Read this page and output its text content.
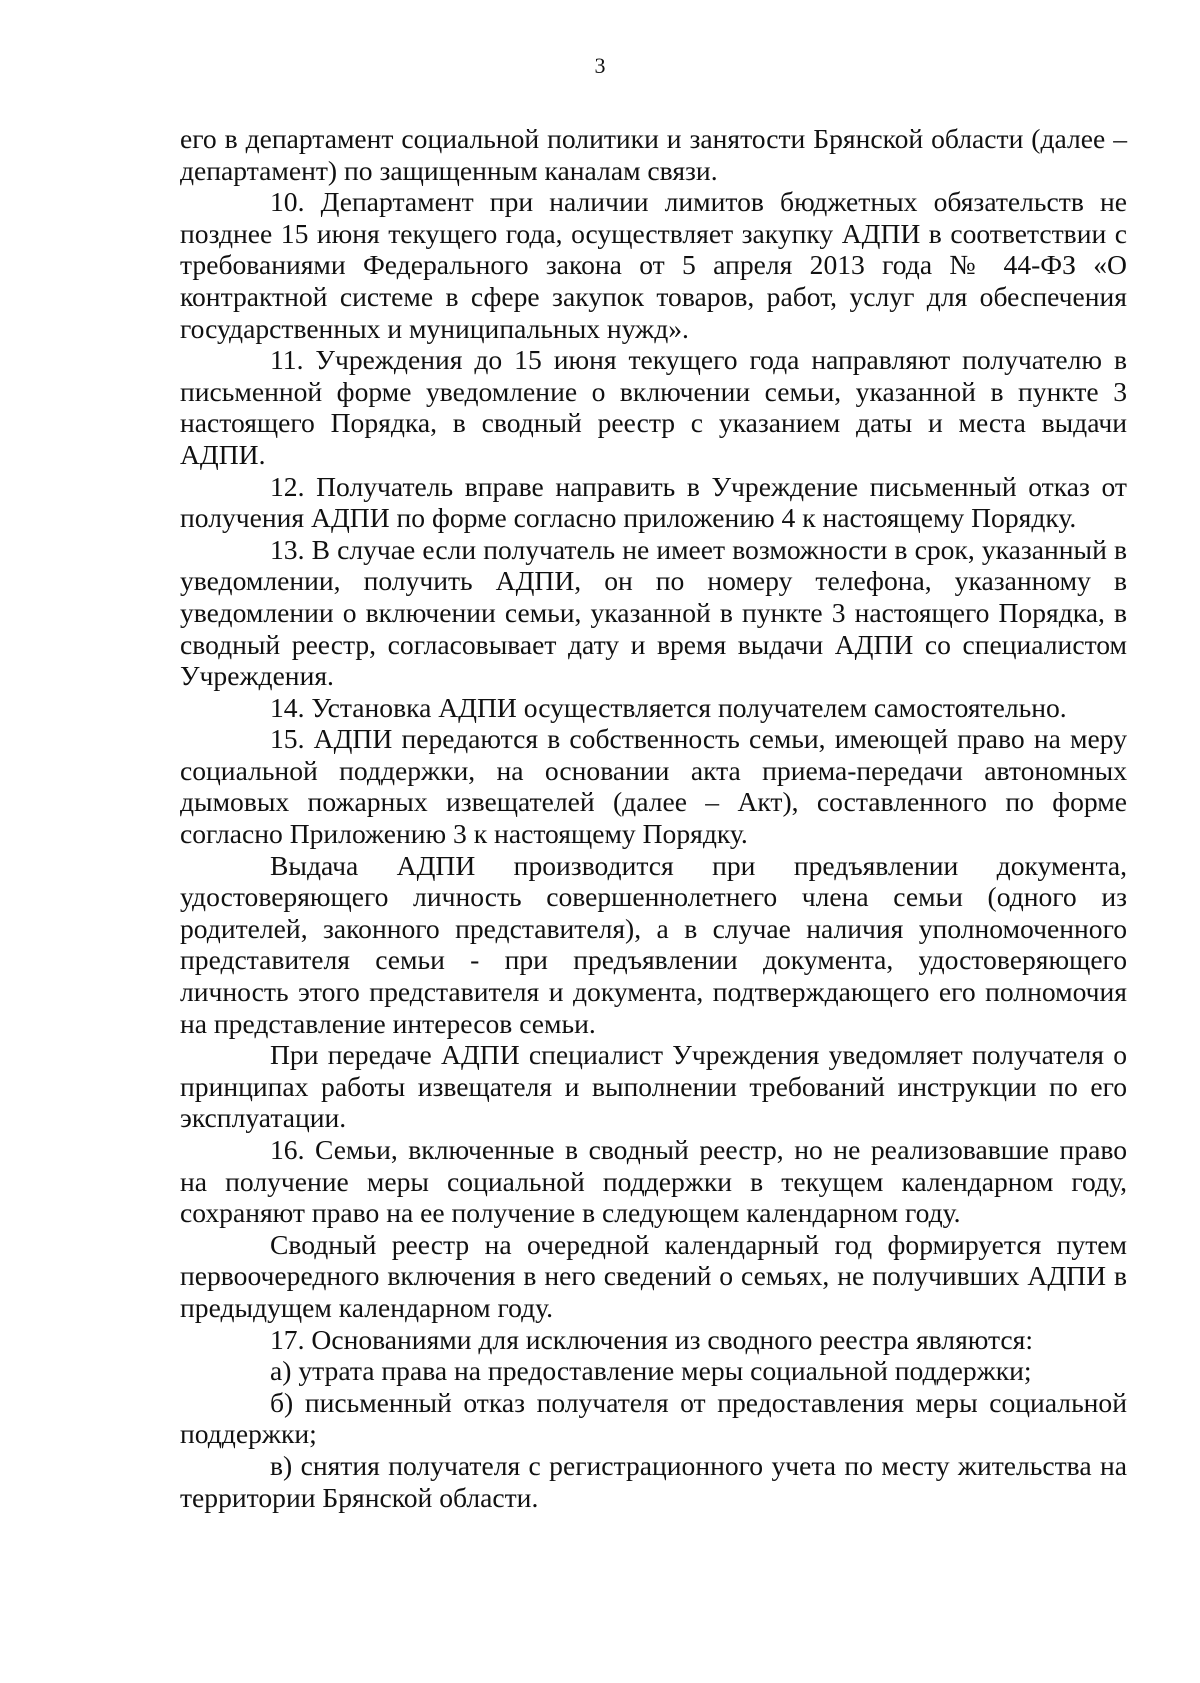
3

его в департамент социальной политики и занятости Брянской области (далее – департамент) по защищенным каналам связи.

10. Департамент при наличии лимитов бюджетных обязательств не позднее 15 июня текущего года, осуществляет закупку АДПИ в соответствии с требованиями Федерального закона от 5 апреля 2013 года № 44-ФЗ «О контрактной системе в сфере закупок товаров, работ, услуг для обеспечения государственных и муниципальных нужд».

11. Учреждения до 15 июня текущего года направляют получателю в письменной форме уведомление о включении семьи, указанной в пункте 3 настоящего Порядка, в сводный реестр с указанием даты и места выдачи АДПИ.

12. Получатель вправе направить в Учреждение письменный отказ от получения АДПИ по форме согласно приложению 4 к настоящему Порядку.

13. В случае если получатель не имеет возможности в срок, указанный в уведомлении, получить АДПИ, он по номеру телефона, указанному в уведомлении о включении семьи, указанной в пункте 3 настоящего Порядка, в сводный реестр, согласовывает дату и время выдачи АДПИ со специалистом Учреждения.

14. Установка АДПИ осуществляется получателем самостоятельно.

15. АДПИ передаются в собственность семьи, имеющей право на меру социальной поддержки, на основании акта приема-передачи автономных дымовых пожарных извещателей (далее – Акт), составленного по форме согласно Приложению 3 к настоящему Порядку.

Выдача АДПИ производится при предъявлении документа, удостоверяющего личность совершеннолетнего члена семьи (одного из родителей, законного представителя), а в случае наличия уполномоченного представителя семьи - при предъявлении документа, удостоверяющего личность этого представителя и документа, подтверждающего его полномочия на представление интересов семьи.

При передаче АДПИ специалист Учреждения уведомляет получателя о принципах работы извещателя и выполнении требований инструкции по его эксплуатации.

16. Семьи, включенные в сводный реестр, но не реализовавшие право на получение меры социальной поддержки в текущем календарном году, сохраняют право на ее получение в следующем календарном году.

Сводный реестр на очередной календарный год формируется путем первоочередного включения в него сведений о семьях, не получивших АДПИ в предыдущем календарном году.

17. Основаниями для исключения из сводного реестра являются:

а) утрата права на предоставление меры социальной поддержки;

б) письменный отказ получателя от предоставления меры социальной поддержки;

в) снятия получателя с регистрационного учета по месту жительства на территории Брянской области.
